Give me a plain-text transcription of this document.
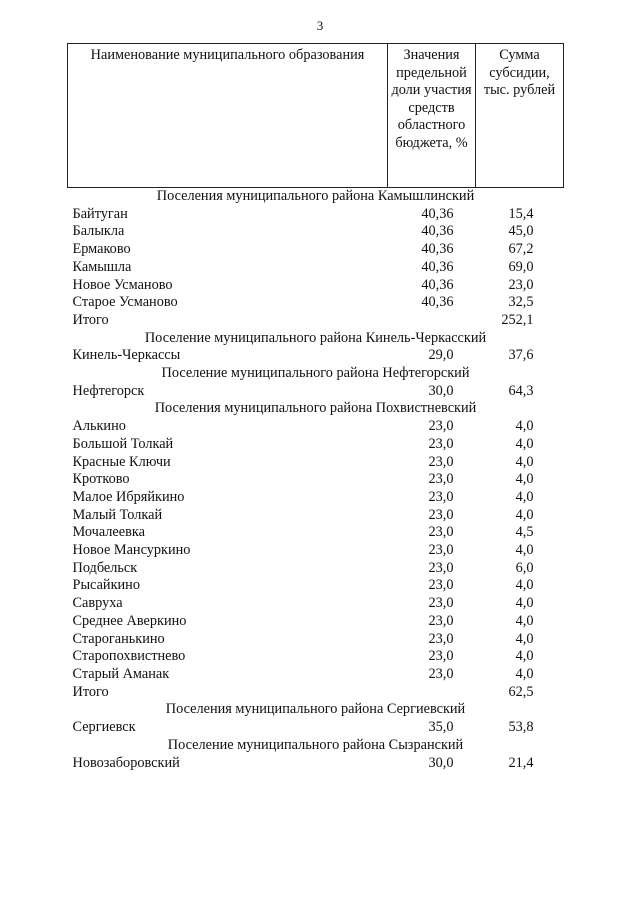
3
Наименование муниципального образования	Значения предельной доли участия средств областного бюджета, %	Сумма субсидии, тыс. рублей
Поселения муниципального района Камышлинский		
Байтуган	40,36	15,4
Балыкла	40,36	45,0
Ермаково	40,36	67,2
Камышла	40,36	69,0
Новое Усманово	40,36	23,0
Старое Усманово	40,36	32,5
Итого		252,1
Поселение муниципального района Кинель-Черкасский		
Кинель-Черкассы	29,0	37,6
Поселение муниципального района Нефтегорский		
Нефтегорск	30,0	64,3
Поселения муниципального района Похвистневский		
Алькино	23,0	4,0
Большой Толкай	23,0	4,0
Красные Ключи	23,0	4,0
Кротково	23,0	4,0
Малое Ибряйкино	23,0	4,0
Малый Толкай	23,0	4,0
Мочалеевка	23,0	4,5
Новое Мансуркино	23,0	4,0
Подбельск	23,0	6,0
Рысайкино	23,0	4,0
Савруха	23,0	4,0
Среднее Аверкино	23,0	4,0
Староганькино	23,0	4,0
Старопохвистнево	23,0	4,0
Старый Аманак	23,0	4,0
Итого		62,5
Поселения муниципального района Сергиевский		
Сергиевск	35,0	53,8
Поселение муниципального района Сызранский		
Новозаборовский	30,0	21,4
